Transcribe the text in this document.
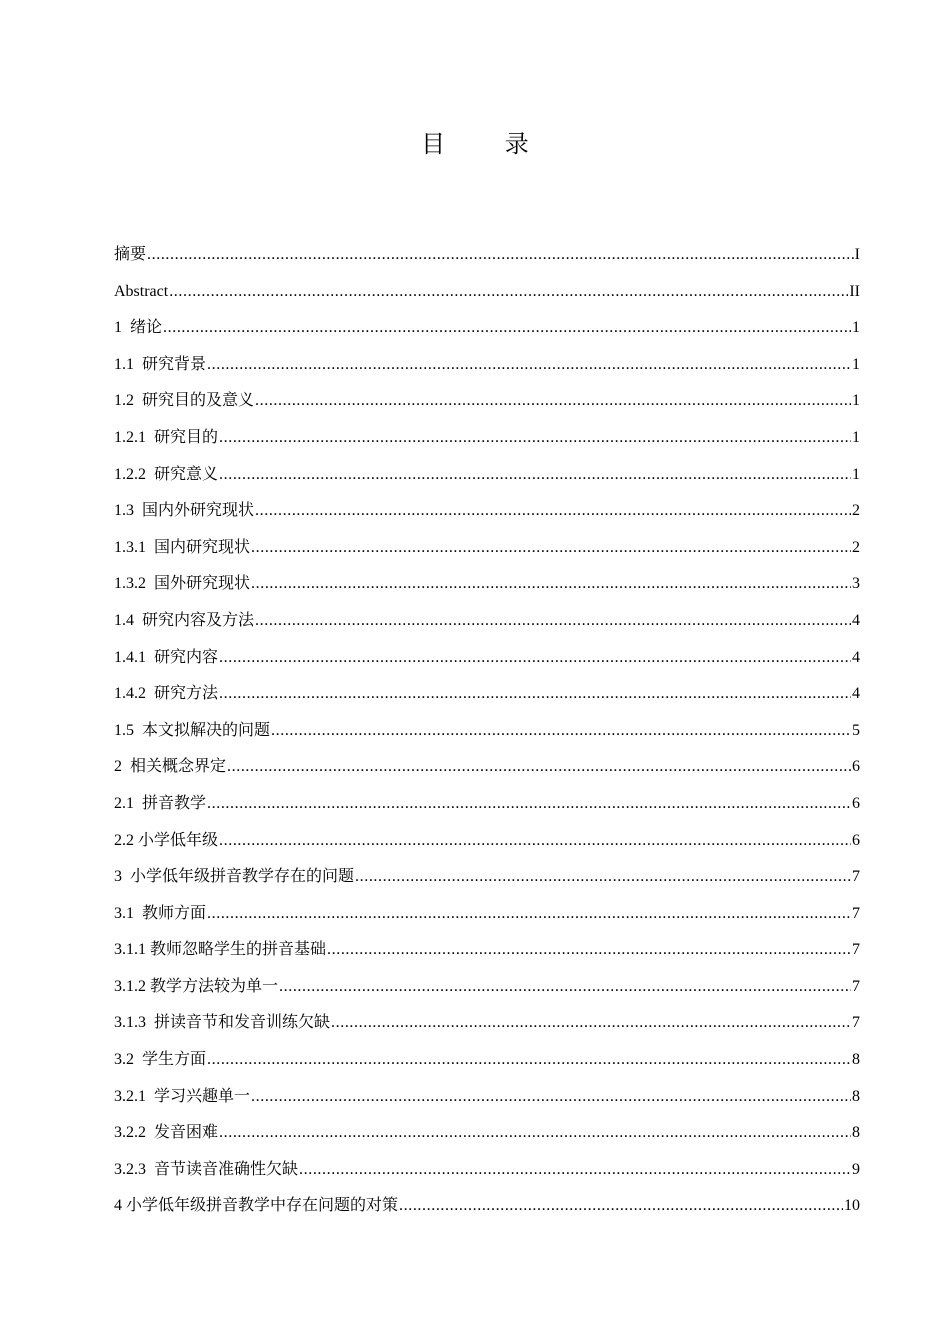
目 录
摘要 .....	I
Abstract .....	II
1  绪论 .....	1
1.1  研究背景 .....	1
1.2  研究目的及意义 .....	1
1.2.1  研究目的 .....	1
1.2.2  研究意义 .....	1
1.3  国内外研究现状 .....	2
1.3.1  国内研究现状 .....	2
1.3.2  国外研究现状 .....	3
1.4  研究内容及方法 .....	4
1.4.1  研究内容 .....	4
1.4.2  研究方法 .....	4
1.5  本文拟解决的问题 .....	5
2  相关概念界定 .....	6
2.1  拼音教学 .....	6
2.2 小学低年级 .....	6
3  小学低年级拼音教学存在的问题 .....	7
3.1  教师方面 .....	7
3.1.1 教师忽略学生的拼音基础 .....	7
3.1.2 教学方法较为单一 .....	7
3.1.3  拼读音节和发音训练欠缺 .....	7
3.2  学生方面 .....	8
3.2.1  学习兴趣单一 .....	8
3.2.2  发音困难 .....	8
3.2.3  音节读音准确性欠缺 .....	9
4 小学低年级拼音教学中存在问题的对策 .....	10
